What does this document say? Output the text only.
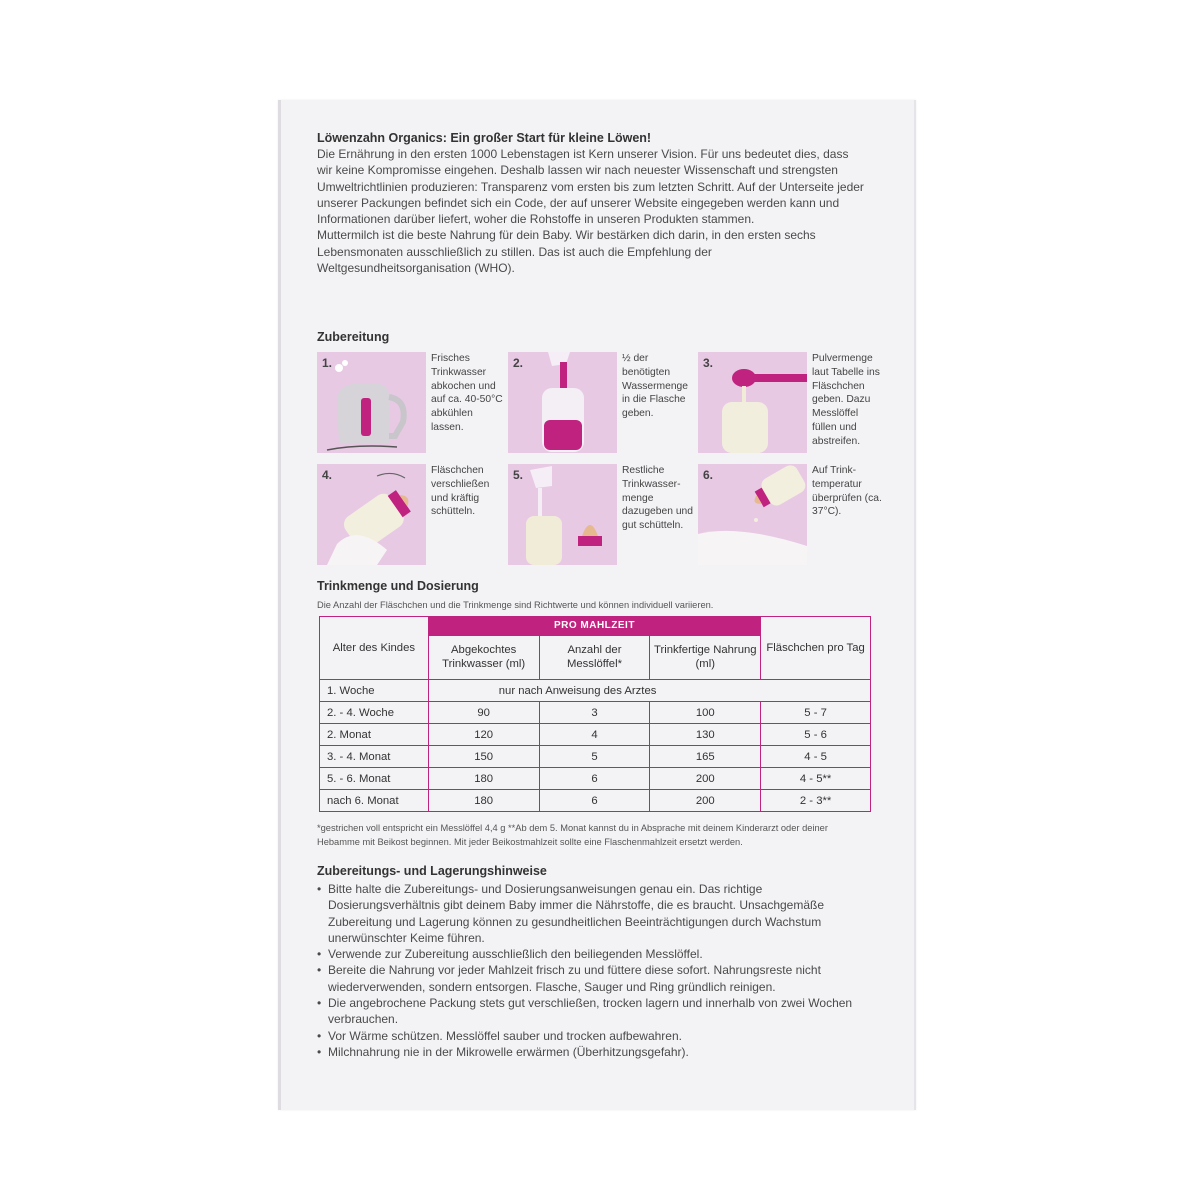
Löwenzahn Organics: Ein großer Start für kleine Löwen!

Die Ernährung in den ersten 1000 Lebenstagen ist Kern unserer Vision. Für uns bedeutet dies, dass wir keine Kompromisse eingehen. Deshalb lassen wir nach neuester Wissenschaft und strengsten Umweltrichtlinien produzieren: Transparenz vom ersten bis zum letzten Schritt. Auf der Unterseite jeder unserer Packungen befindet sich ein Code, der auf unserer Website eingegeben werden kann und Informationen darüber liefert, woher die Rohstoffe in unseren Produkten stammen.

Muttermilch ist die beste Nahrung für dein Baby. Wir bestärken dich darin, in den ersten sechs Lebensmonaten ausschließlich zu stillen. Das ist auch die Empfehlung der Weltgesundheitsorganisation (WHO).

Zubereitung
1.	Frisches Trinkwasser abkochen und auf ca. 40-50°C abkühlen lassen.
2.	½ der benötigten Wassermenge in die Flasche geben.
3.	Pulvermenge laut Tabelle ins Fläschchen geben. Dazu Messlöffel füllen und abstreifen.
4.	Fläschchen verschließen und kräftig schütteln.
5.	Restliche Trinkwasser-menge dazugeben und gut schütteln.
6.	Auf Trink-temperatur überprüfen (ca. 37°C).
Trinkmenge und Dosierung
Die Anzahl der Fläschchen und die Trinkmenge sind Richtwerte und können individuell variieren.
Alter des Kindes	PRO MAHLZEIT			Fläschchen pro Tag
	Abgekochtes Trinkwasser (ml)	Anzahl der Messlöffel*	Trinkfertige Nahrung (ml)	
1. Woche	nur nach Anweisung des Arztes			
2. - 4. Woche	90	3	100	5 - 7
2. Monat	120	4	130	5 - 6
3. - 4. Monat	150	5	165	4 - 5
5. - 6. Monat	180	6	200	4 - 5**
nach 6. Monat	180	6	200	2 - 3**
*gestrichen voll entspricht ein Messlöffel 4,4 g **Ab dem 5. Monat kannst du in Absprache mit deinem Kinderarzt oder deiner Hebamme mit Beikost beginnen. Mit jeder Beikostmahlzeit sollte eine Flaschenmahlzeit ersetzt werden.
Zubereitungs- und Lagerungshinweise
• Bitte halte die Zubereitungs- und Dosierungsanweisungen genau ein. Das richtige Dosierungsverhältnis gibt deinem Baby immer die Nährstoffe, die es braucht. Unsachgemäße Zubereitung und Lagerung können zu gesundheitlichen Beeinträchtigungen durch Wachstum unerwünschter Keime führen.
• Verwende zur Zubereitung ausschließlich den beiliegenden Messlöffel.
• Bereite die Nahrung vor jeder Mahlzeit frisch zu und füttere diese sofort. Nahrungsreste nicht wiederverwenden, sondern entsorgen. Flasche, Sauger und Ring gründlich reinigen.
• Die angebrochene Packung stets gut verschließen, trocken lagern und innerhalb von zwei Wochen verbrauchen.
• Vor Wärme schützen. Messlöffel sauber und trocken aufbewahren.
• Milchnahrung nie in der Mikrowelle erwärmen (Überhitzungsgefahr).
